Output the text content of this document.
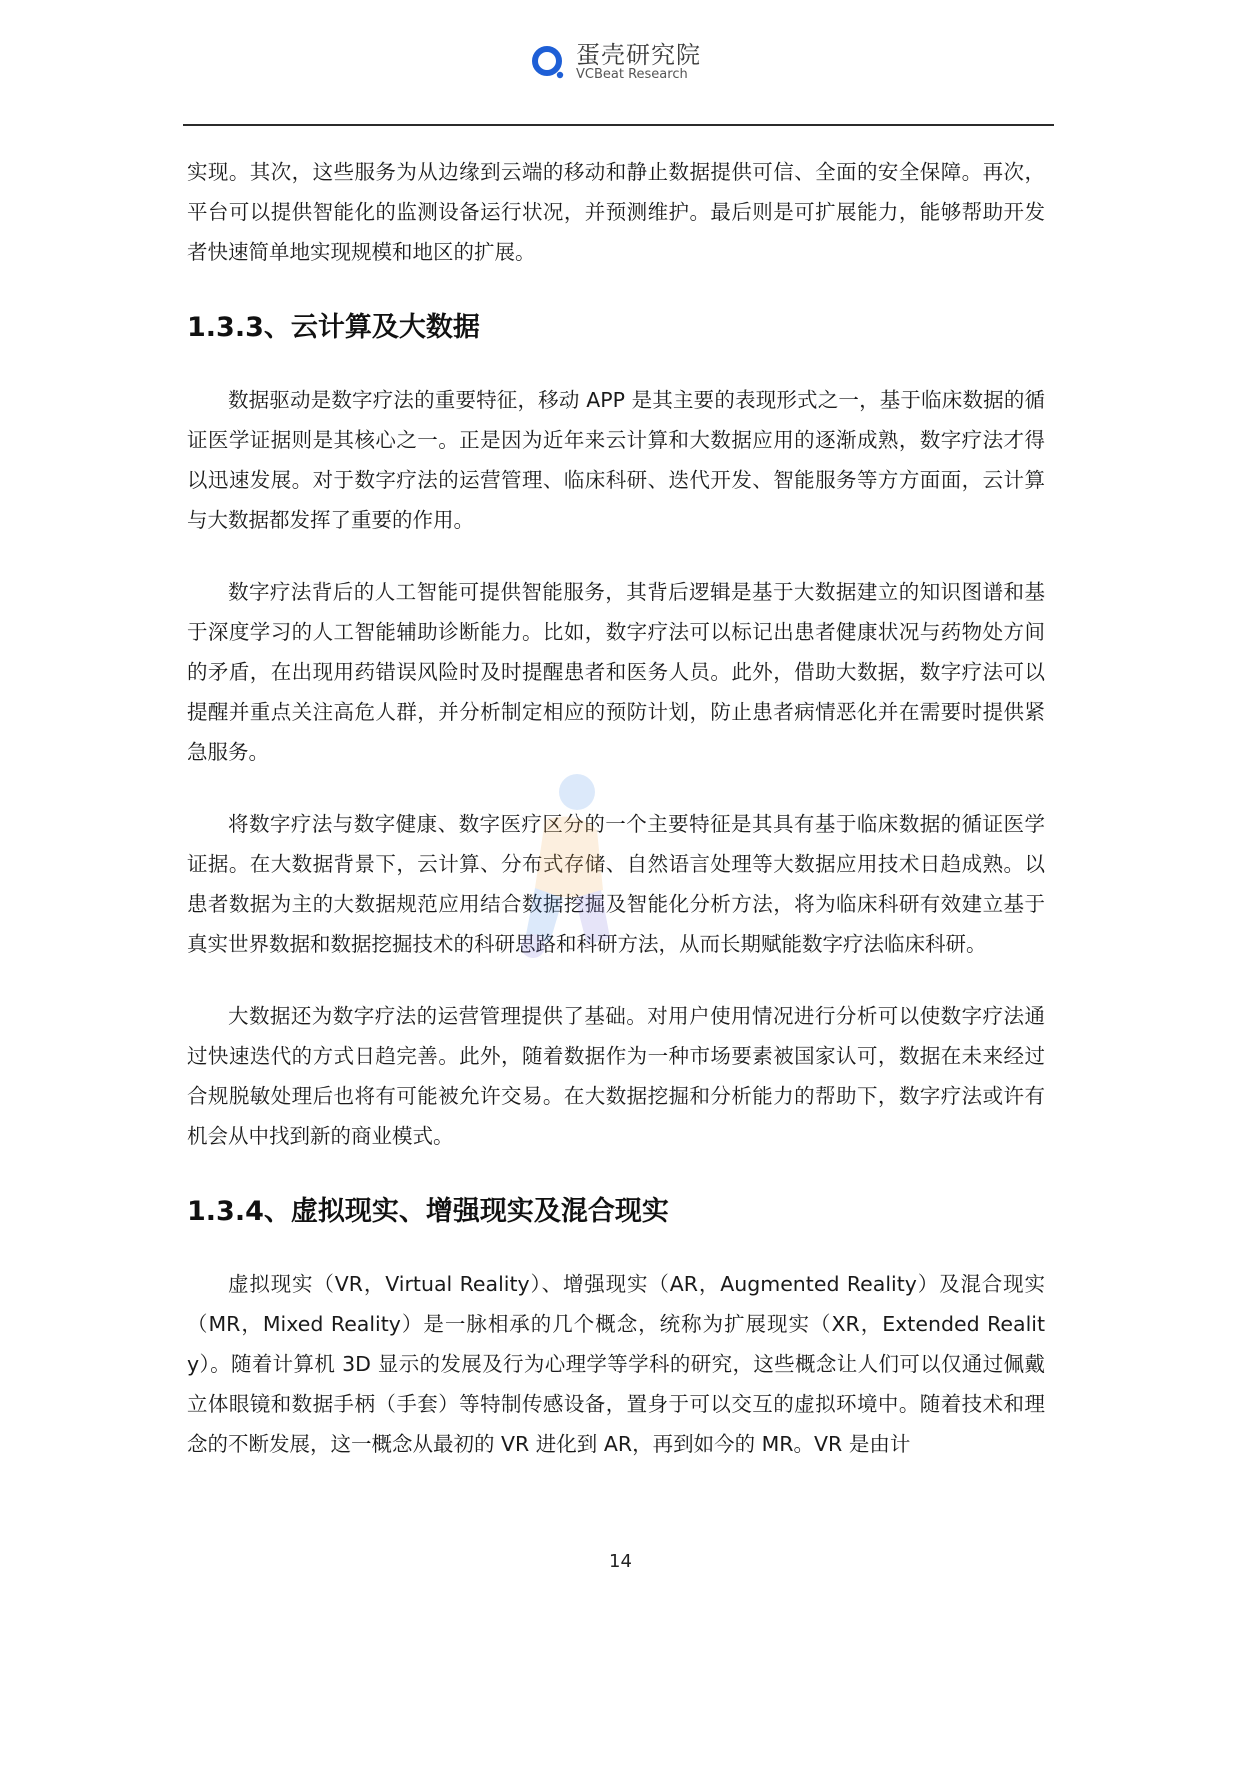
蛋壳研究院
VCBeat Research

实现。其次，这些服务为从边缘到云端的移动和静止数据提供可信、全面的安全保障。再次，平台可以提供智能化的监测设备运行状况，并预测维护。最后则是可扩展能力，能够帮助开发者快速简单地实现规模和地区的扩展。

1.3.3、云计算及大数据

数据驱动是数字疗法的重要特征，移动 APP 是其主要的表现形式之一，基于临床数据的循证医学证据则是其核心之一。正是因为近年来云计算和大数据应用的逐渐成熟，数字疗法才得以迅速发展。对于数字疗法的运营管理、临床科研、迭代开发、智能服务等方方面面，云计算与大数据都发挥了重要的作用。

数字疗法背后的人工智能可提供智能服务，其背后逻辑是基于大数据建立的知识图谱和基于深度学习的人工智能辅助诊断能力。比如，数字疗法可以标记出患者健康状况与药物处方间的矛盾，在出现用药错误风险时及时提醒患者和医务人员。此外，借助大数据，数字疗法可以提醒并重点关注高危人群，并分析制定相应的预防计划，防止患者病情恶化并在需要时提供紧急服务。

将数字疗法与数字健康、数字医疗区分的一个主要特征是其具有基于临床数据的循证医学证据。在大数据背景下，云计算、分布式存储、自然语言处理等大数据应用技术日趋成熟。以患者数据为主的大数据规范应用结合数据挖掘及智能化分析方法，将为临床科研有效建立基于真实世界数据和数据挖掘技术的科研思路和科研方法，从而长期赋能数字疗法临床科研。

大数据还为数字疗法的运营管理提供了基础。对用户使用情况进行分析可以使数字疗法通过快速迭代的方式日趋完善。此外，随着数据作为一种市场要素被国家认可，数据在未来经过合规脱敏处理后也将有可能被允许交易。在大数据挖掘和分析能力的帮助下，数字疗法或许有机会从中找到新的商业模式。

1.3.4、虚拟现实、增强现实及混合现实

虚拟现实（VR，Virtual Reality）、增强现实（AR，Augmented Reality）及混合现实（MR，Mixed Reality）是一脉相承的几个概念，统称为扩展现实（XR，Extended Reality）。随着计算机 3D 显示的发展及行为心理学等学科的研究，这些概念让人们可以仅通过佩戴立体眼镜和数据手柄（手套）等特制传感设备，置身于可以交互的虚拟环境中。随着技术和理念的不断发展，这一概念从最初的 VR 进化到 AR，再到如今的 MR。VR 是由计

14
